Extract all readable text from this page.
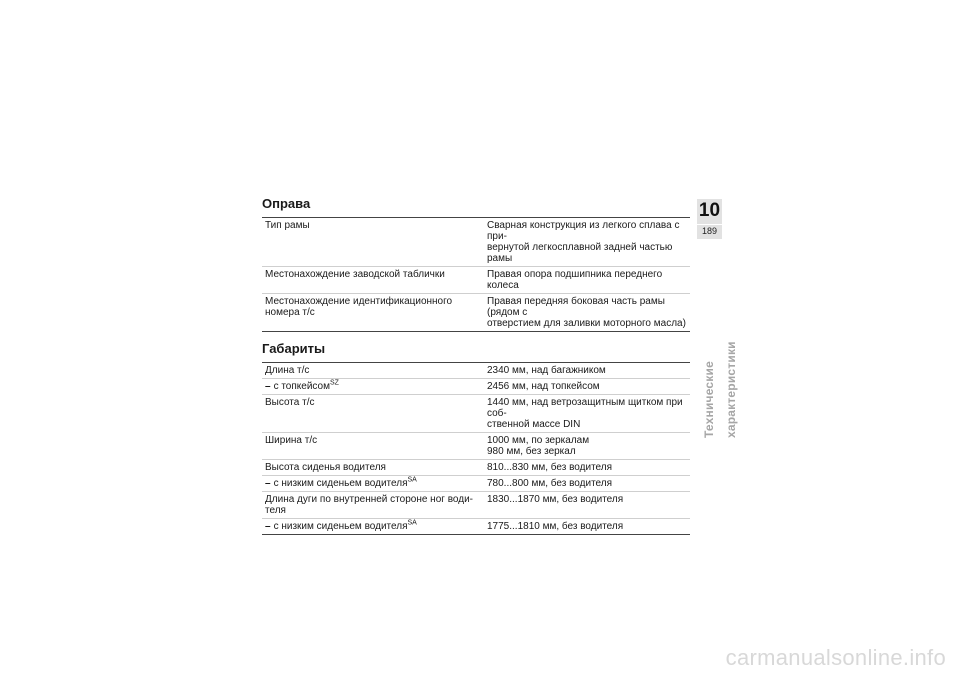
Оправа
Тип рамы	Сварная конструкция из легкого сплава с при-
вернутой легкосплавной задней частью рамы

Местонахождение заводской таблички	Правая опора подшипника переднего колеса

Местонахождение идентификационного номера т/с	Правая передняя боковая часть рамы (рядом с
отверстием для заливки моторного масла)
Габариты
Длина т/с	2340 мм, над багажником

– с топкейсом$^{SZ}$	2456 мм, над топкейсом

Высота т/с	1440 мм, над ветрозащитным щитком при соб-
ственной массе DIN

Ширина т/с	1000 мм, по зеркалам
980 мм, без зеркал

Высота сиденья водителя	810...830 мм, без водителя

– с низким сиденьем водителя$^{SA}$	780...800 мм, без водителя

Длина дуги по внутренней стороне ног води-теля	1830...1870 мм, без водителя

– с низким сиденьем водителя$^{SA}$	1775...1810 мм, без водителя
10
189
Технические характеристики
carmanualsonline.info
